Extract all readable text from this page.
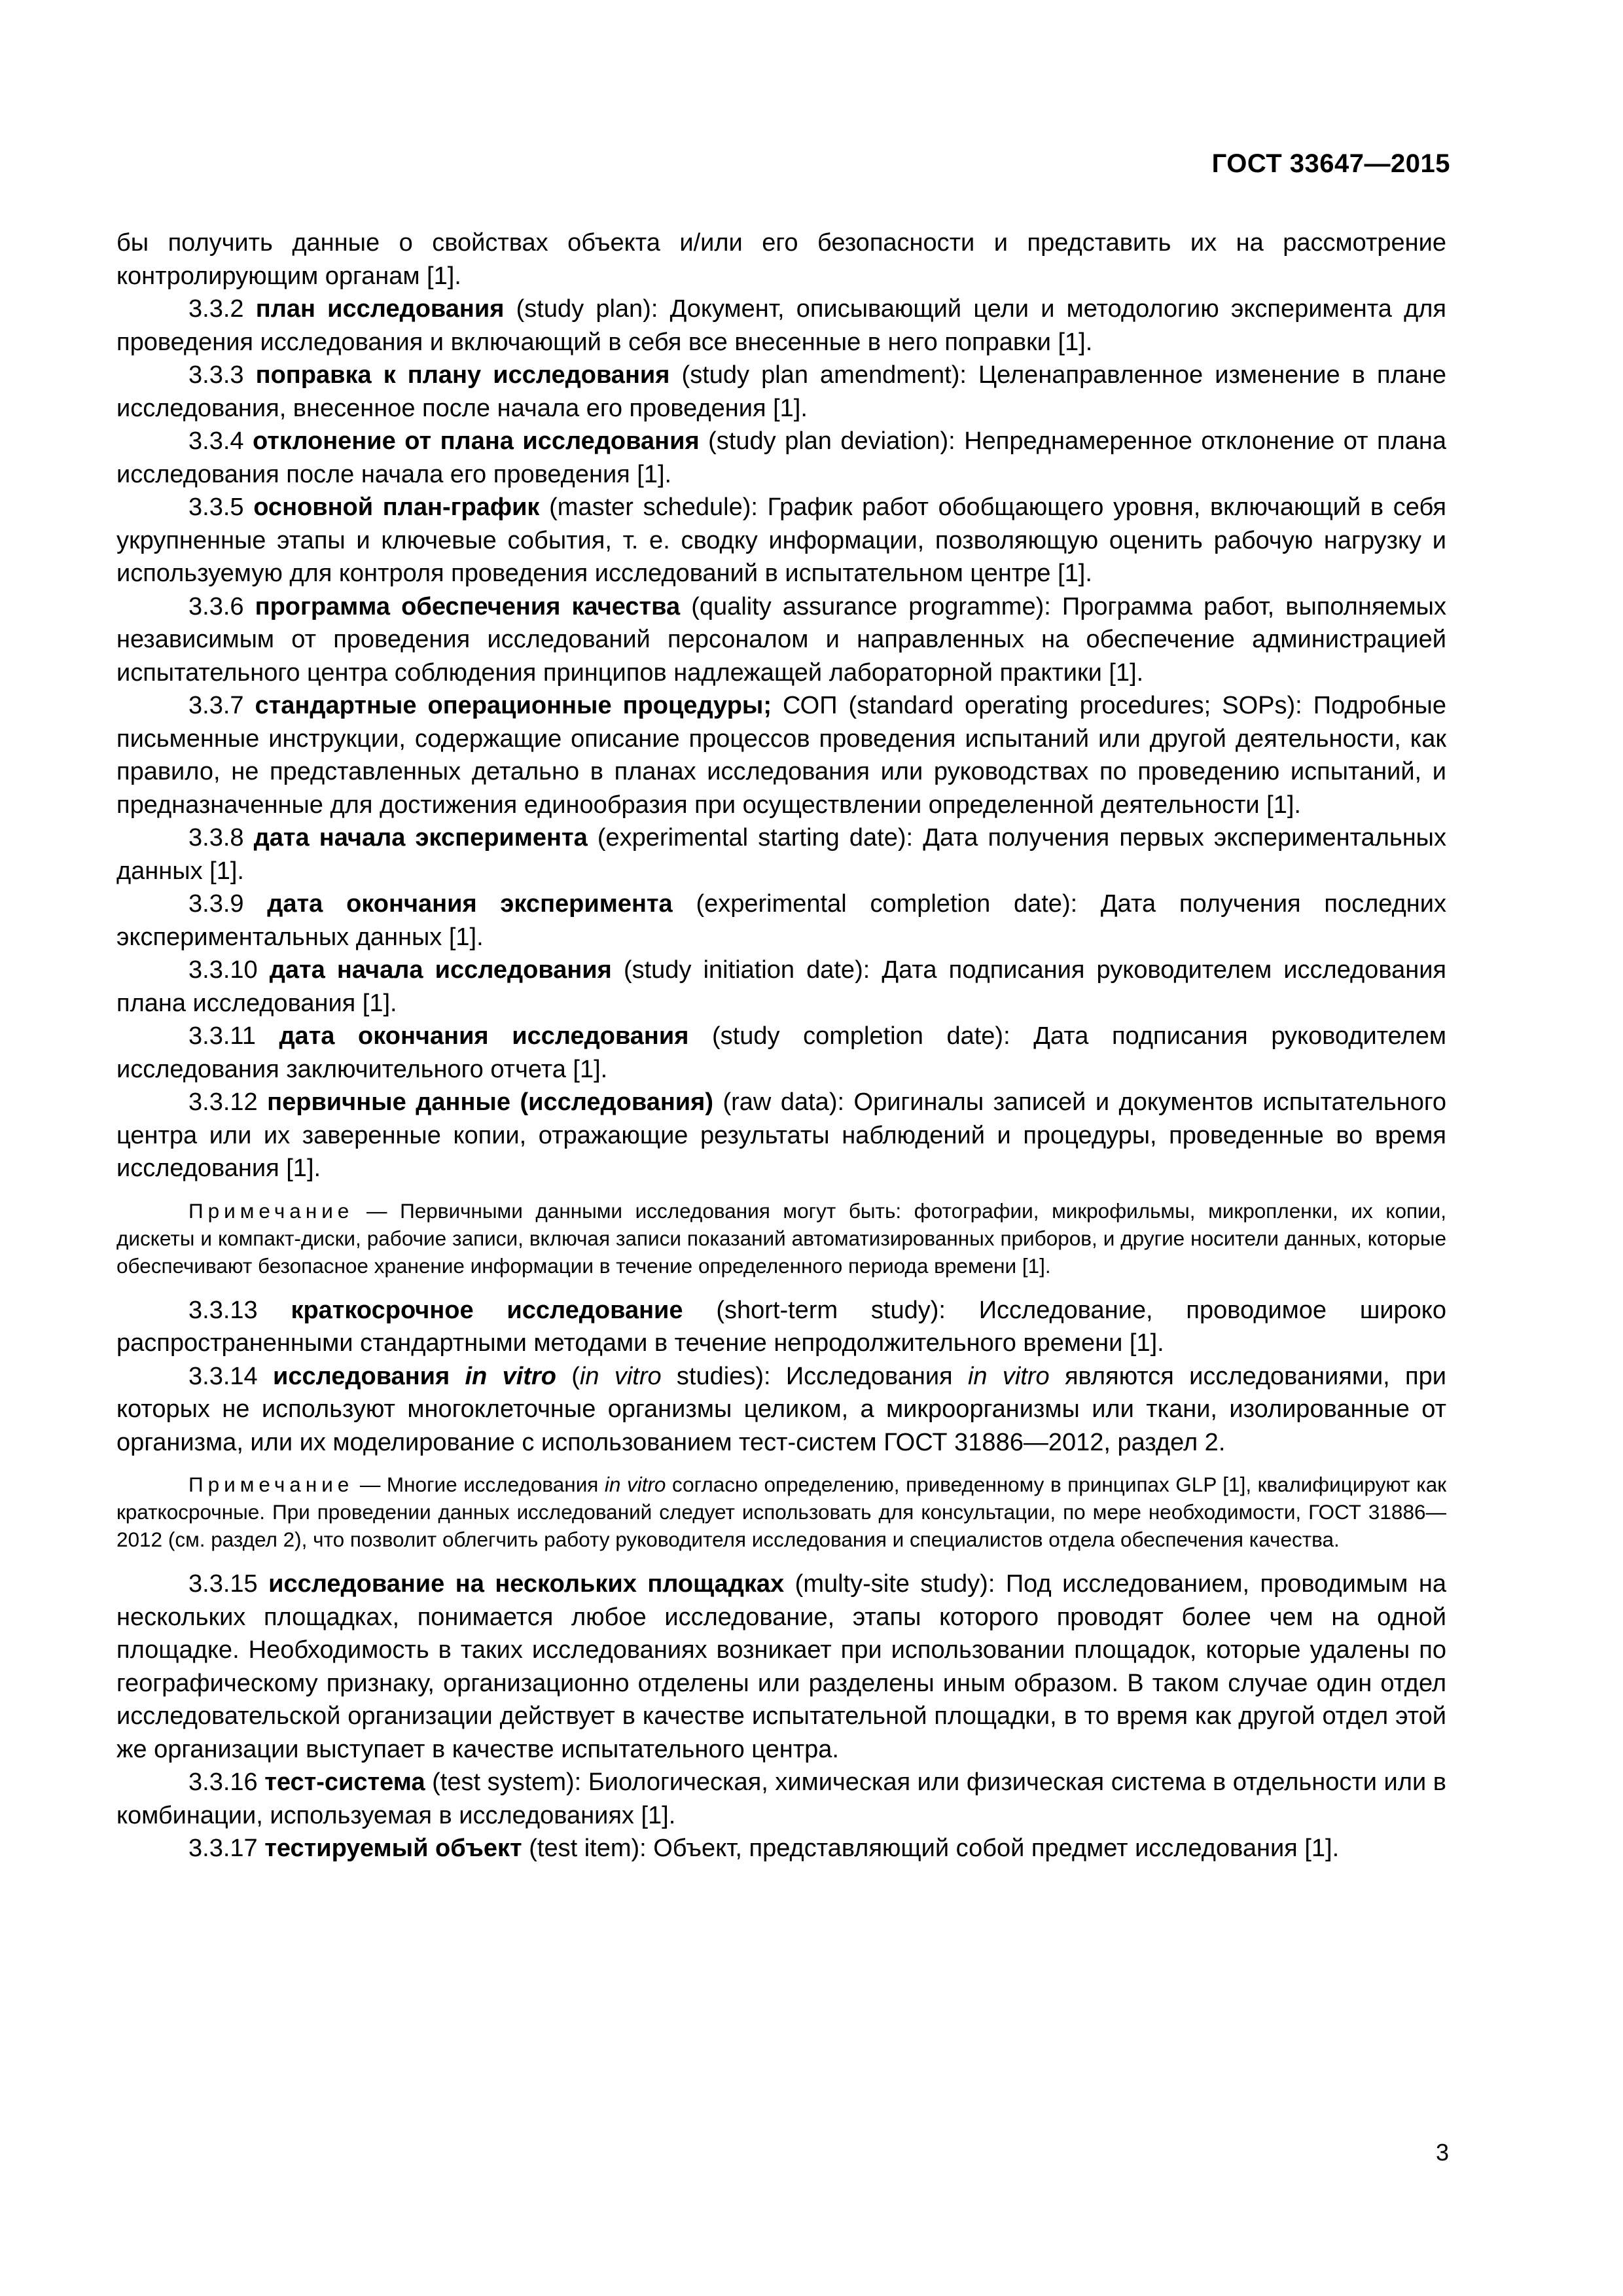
ГОСТ 33647—2015

бы получить данные о свойствах объекта и/или его безопасности и представить их на рассмотрение контролирующим органам [1].

3.3.2 план исследования (study plan): Документ, описывающий цели и методологию эксперимента для проведения исследования и включающий в себя все внесенные в него поправки [1].

3.3.3 поправка к плану исследования (study plan amendment): Целенаправленное изменение в плане исследования, внесенное после начала его проведения [1].

3.3.4 отклонение от плана исследования (study plan deviation): Непреднамеренное отклонение от плана исследования после начала его проведения [1].

3.3.5 основной план-график (master schedule): График работ обобщающего уровня, включающий в себя укрупненные этапы и ключевые события, т. е. сводку информации, позволяющую оценить рабочую нагрузку и используемую для контроля проведения исследований в испытательном центре [1].

3.3.6 программа обеспечения качества (quality assurance programme): Программа работ, выполняемых независимым от проведения исследований персоналом и направленных на обеспечение администрацией испытательного центра соблюдения принципов надлежащей лабораторной практики [1].

3.3.7 стандартные операционные процедуры; СОП (standard operating procedures; SOPs): Подробные письменные инструкции, содержащие описание процессов проведения испытаний или другой деятельности, как правило, не представленных детально в планах исследования или руководствах по проведению испытаний, и предназначенные для достижения единообразия при осуществлении определенной деятельности [1].

3.3.8 дата начала эксперимента (experimental starting date): Дата получения первых экспериментальных данных [1].

3.3.9 дата окончания эксперимента (experimental completion date): Дата получения последних экспериментальных данных [1].

3.3.10 дата начала исследования (study initiation date): Дата подписания руководителем исследования плана исследования [1].

3.3.11 дата окончания исследования (study completion date): Дата подписания руководителем исследования заключительного отчета [1].

3.3.12 первичные данные (исследования) (raw data): Оригиналы записей и документов испытательного центра или их заверенные копии, отражающие результаты наблюдений и процедуры, проведенные во время исследования [1].

Примечание — Первичными данными исследования могут быть: фотографии, микрофильмы, микропленки, их копии, дискеты и компакт-диски, рабочие записи, включая записи показаний автоматизированных приборов, и другие носители данных, которые обеспечивают безопасное хранение информации в течение определенного периода времени [1].

3.3.13 краткосрочное исследование (short-term study): Исследование, проводимое широко распространенными стандартными методами в течение непродолжительного времени [1].

3.3.14 исследования in vitro (in vitro studies): Исследования in vitro являются исследованиями, при которых не используют многоклеточные организмы целиком, а микроорганизмы или ткани, изолированные от организма, или их моделирование с использованием тест-систем ГОСТ 31886—2012, раздел 2.

Примечание — Многие исследования in vitro согласно определению, приведенному в принципах GLP [1], квалифицируют как краткосрочные. При проведении данных исследований следует использовать для консультации, по мере необходимости, ГОСТ 31886—2012 (см. раздел 2), что позволит облегчить работу руководителя исследования и специалистов отдела обеспечения качества.

3.3.15 исследование на нескольких площадках (multy-site study): Под исследованием, проводимым на нескольких площадках, понимается любое исследование, этапы которого проводят более чем на одной площадке. Необходимость в таких исследованиях возникает при использовании площадок, которые удалены по географическому признаку, организационно отделены или разделены иным образом. В таком случае один отдел исследовательской организации действует в качестве испытательной площадки, в то время как другой отдел этой же организации выступает в качестве испытательного центра.

3.3.16 тест-система (test system): Биологическая, химическая или физическая система в отдельности или в комбинации, используемая в исследованиях [1].

3.3.17 тестируемый объект (test item): Объект, представляющий собой предмет исследования [1].

3
